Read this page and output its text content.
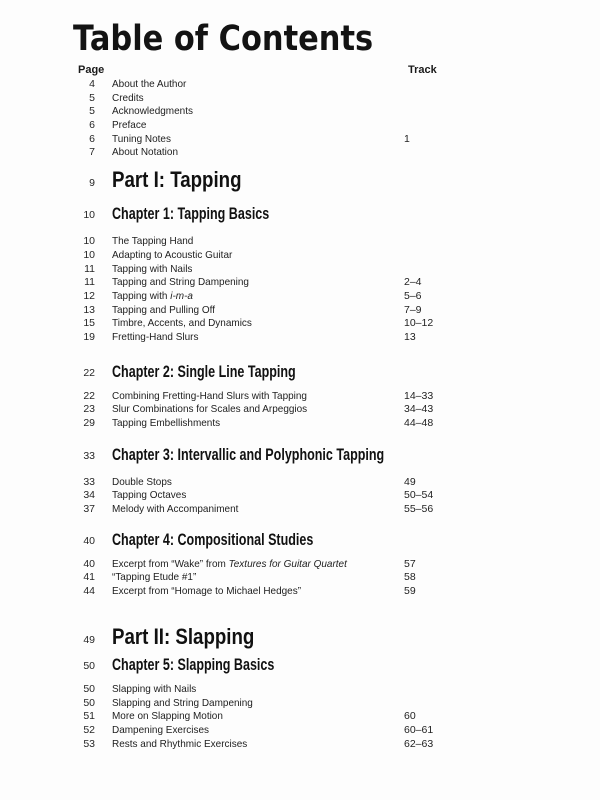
Table of Contents
Page	Track
4 About the Author
5 Credits
5 Acknowledgments
6 Preface
6 Tuning Notes	1
7 About Notation
9 Part I: Tapping
10 Chapter 1: Tapping Basics
10 The Tapping Hand
10 Adapting to Acoustic Guitar
11 Tapping with Nails
11 Tapping and String Dampening	2–4
12 Tapping with i-m-a	5–6
13 Tapping and Pulling Off	7–9
15 Timbre, Accents, and Dynamics	10–12
19 Fretting-Hand Slurs	13
22 Chapter 2: Single Line Tapping
22 Combining Fretting-Hand Slurs with Tapping	14–33
23 Slur Combinations for Scales and Arpeggios	34–43
29 Tapping Embellishments	44–48
33 Chapter 3: Intervallic and Polyphonic Tapping
33 Double Stops	49
34 Tapping Octaves	50–54
37 Melody with Accompaniment	55–56
40 Chapter 4: Compositional Studies
40 Excerpt from “Wake” from Textures for Guitar Quartet	57
41 “Tapping Etude #1”	58
44 Excerpt from “Homage to Michael Hedges”	59
49 Part II: Slapping
50 Chapter 5: Slapping Basics
50 Slapping with Nails
50 Slapping and String Dampening
51 More on Slapping Motion	60
52 Dampening Exercises	60–61
53 Rests and Rhythmic Exercises	62–63
